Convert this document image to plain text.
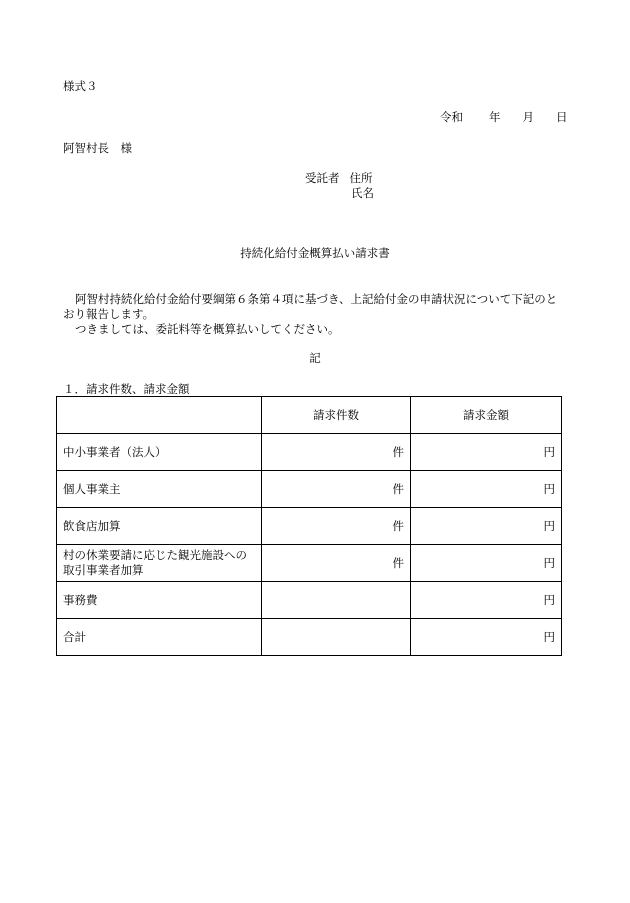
様式３
令和 年 月 日
阿智村長　様
受託者 住所
氏名
持続化給付金概算払い請求書

阿智村持続化給付金給付要綱第６条第４項に基づき、上記給付金の申請状況について下記のとおり報告します。

つきましては、委託料等を概算払いしてください。

記
１．請求件数、請求金額
	請求件数	請求金額
中小事業者（法人）	件	円
個人事業主	件	円
飲食店加算	件	円
村の休業要請に応じた観光施設への取引事業者加算	件	円
事務費		円
合計		円
